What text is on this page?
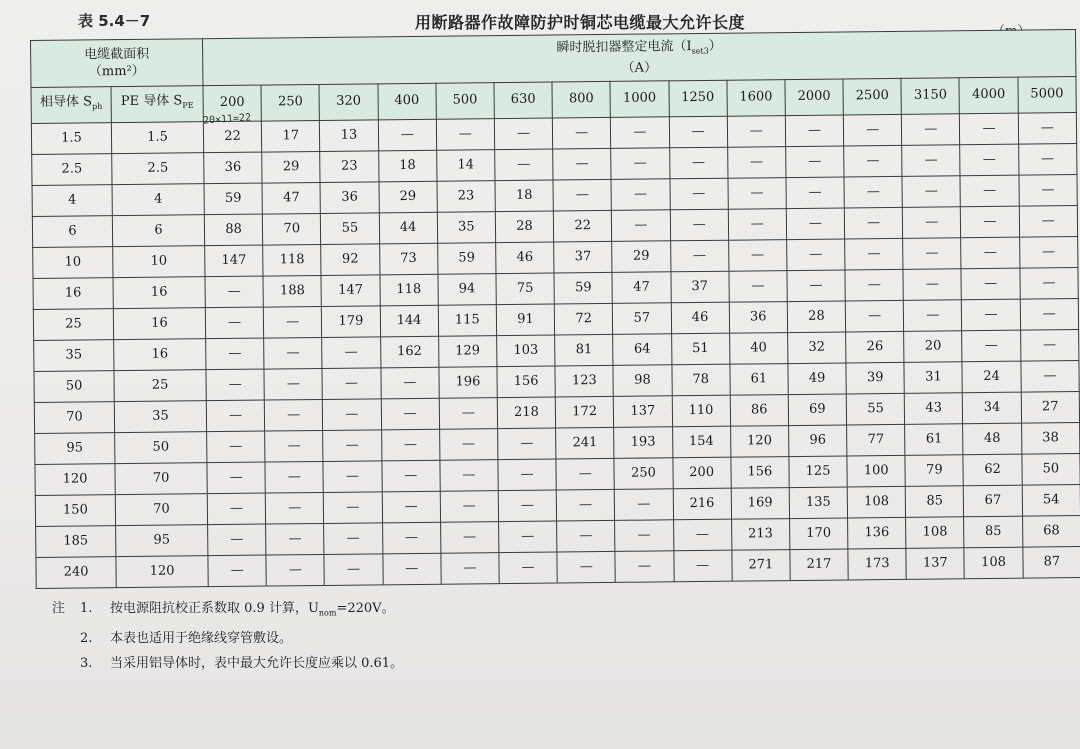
表 5.4－7	用断路器作故障防护时铜芯电缆最大允许长度
电缆截面积
（mm²）		瞬时脱扣器整定电流$(I_{set3})$
（A）														

相导体 $S_{ph}$	PE 导体 $S_{PE}$	200	250	320	400	500	630	800	1000	1250	1600	2000	2500	3150	4000	5000
1.5	1.5	22	17	13	—	—	—	—	—	—	—	—	—	—	—	—
2.5	2.5	36	29	23	18	14	—	—	—	—	—	—	—	—	—	—
4	4	59	47	36	29	23	18	—	—	—	—	—	—	—	—	—
6	6	88	70	55	44	35	28	22	—	—	—	—	—	—	—	—
10	10	147	118	92	73	59	46	37	29	—	—	—	—	—	—	—
16	16	—	188	147	118	94	75	59	47	37	—	—	—	—	—	—
25	16	—	—	179	144	115	91	72	57	46	36	28	—	—	—	—
35	16	—	—	—	162	129	103	81	64	51	40	32	26	20	—	—
50	25	—	—	—	—	196	156	123	98	78	61	49	39	31	24	—
70	35	—	—	—	—	—	218	172	137	110	86	69	55	43	34	27
95	50	—	—	—	—	—	—	241	193	154	120	96	77	61	48	38
120	70	—	—	—	—	—	—	—	250	200	156	125	100	79	62	50
150	70	—	—	—	—	—	—	—	—	216	169	135	108	85	67	54
185	95	—	—	—	—	—	—	—	—	—	213	170	136	108	85	68
240	120	—	—	—	—	—	—	—	—	—	271	217	173	137	108	87
20×11=22
注	1.	按电源阻抗校正系数取 0.9 计算，$U_{nom}=220V$。
2.	本表也适用于绝缘线穿管敷设。
3.	当采用铝导体时，表中最大允许长度应乘以 0.61。
